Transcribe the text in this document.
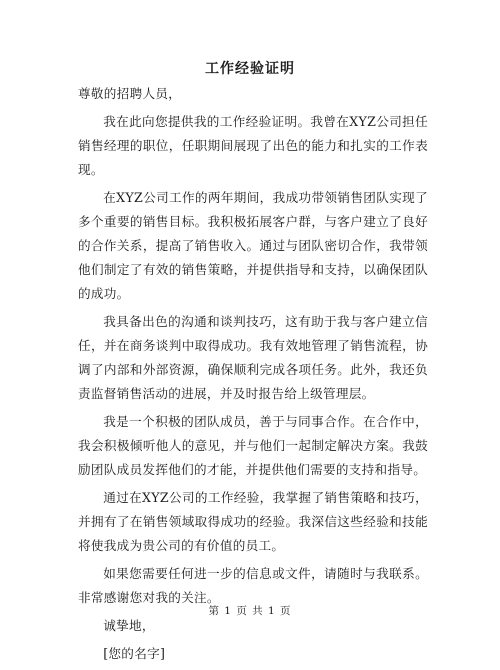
工作经验证明

尊敬的招聘人员，

我在此向您提供我的工作经验证明。我曾在XYZ公司担任销售经理的职位，任职期间展现了出色的能力和扎实的工作表现。

在XYZ公司工作的两年期间，我成功带领销售团队实现了多个重要的销售目标。我积极拓展客户群，与客户建立了良好的合作关系，提高了销售收入。通过与团队密切合作，我带领他们制定了有效的销售策略，并提供指导和支持，以确保团队的成功。

我具备出色的沟通和谈判技巧，这有助于我与客户建立信任，并在商务谈判中取得成功。我有效地管理了销售流程，协调了内部和外部资源，确保顺利完成各项任务。此外，我还负责监督销售活动的进展，并及时报告给上级管理层。

我是一个积极的团队成员，善于与同事合作。在合作中，我会积极倾听他人的意见，并与他们一起制定解决方案。我鼓励团队成员发挥他们的才能，并提供他们需要的支持和指导。

通过在XYZ公司的工作经验，我掌握了销售策略和技巧，并拥有了在销售领域取得成功的经验。我深信这些经验和技能将使我成为贵公司的有价值的员工。

如果您需要任何进一步的信息或文件，请随时与我联系。非常感谢您对我的关注。

诚挚地，

[您的名字]

第 1 页 共 1 页
